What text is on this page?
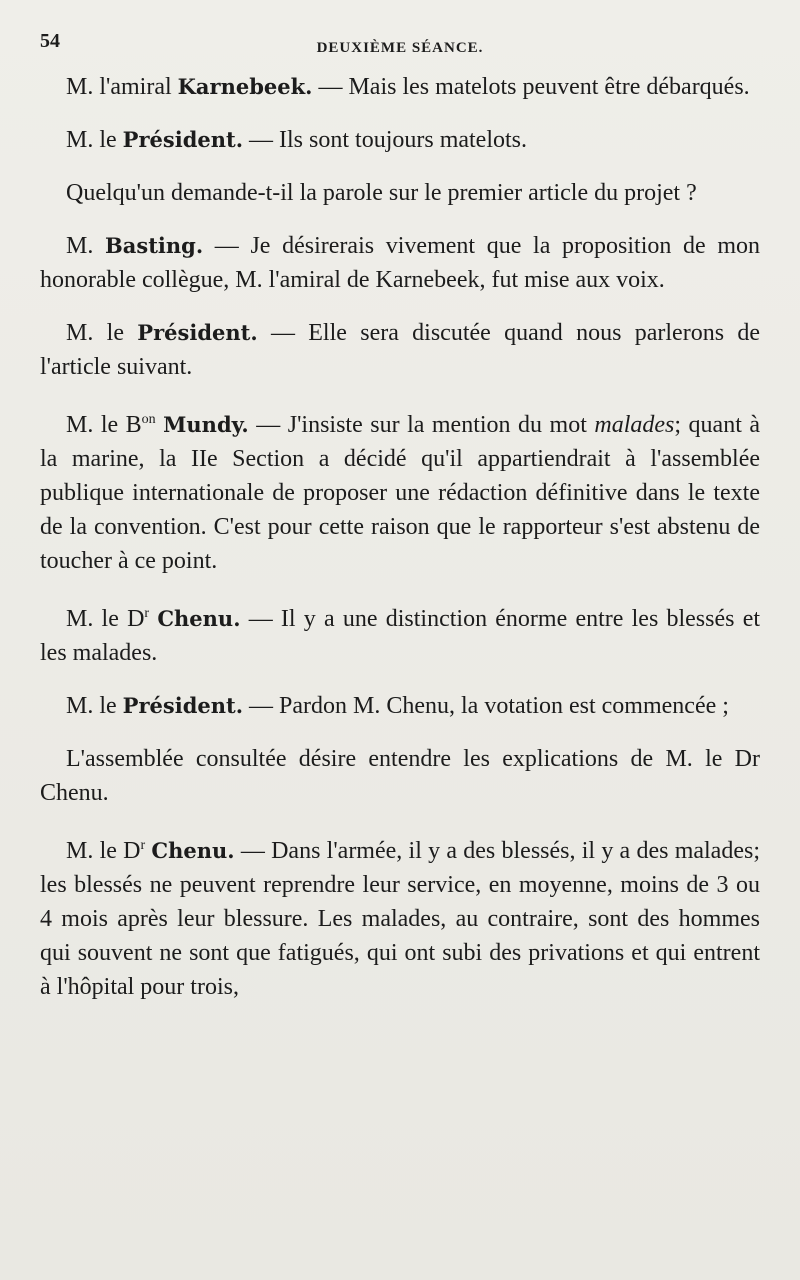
54	DEUXIÈME SÉANCE.

M. l'amiral Karnebeek. — Mais les matelots peuvent être débarqués.

M. le Président. — Ils sont toujours matelots.

Quelqu'un demande-t-il la parole sur le premier article du projet ?

M. Basting. — Je désirerais vivement que la proposition de mon honorable collègue, M. l'amiral de Karnebeek, fut mise aux voix.

M. le Président. — Elle sera discutée quand nous parlerons de l'article suivant.

M. le $B^{on}$ Mundy. — J'insiste sur la mention du mot malades; quant à la marine, la IIe Section a décidé qu'il appartiendrait à l'assemblée publique internationale de proposer une rédaction définitive dans le texte de la convention. C'est pour cette raison que le rapporteur s'est abstenu de toucher à ce point.

M. le $D^r$ Chenu. — Il y a une distinction énorme entre les blessés et les malades.

M. le Président. — Pardon M. Chenu, la votation est commencée ;

L'assemblée consultée désire entendre les explications de M. le Dr Chenu.

M. le $D^r$ Chenu. — Dans l'armée, il y a des blessés, il y a des malades; les blessés ne peuvent reprendre leur service, en moyenne, moins de 3 ou 4 mois après leur blessure. Les malades, au contraire, sont des hommes qui souvent ne sont que fatigués, qui ont subi des privations et qui entrent à l'hôpital pour trois,
